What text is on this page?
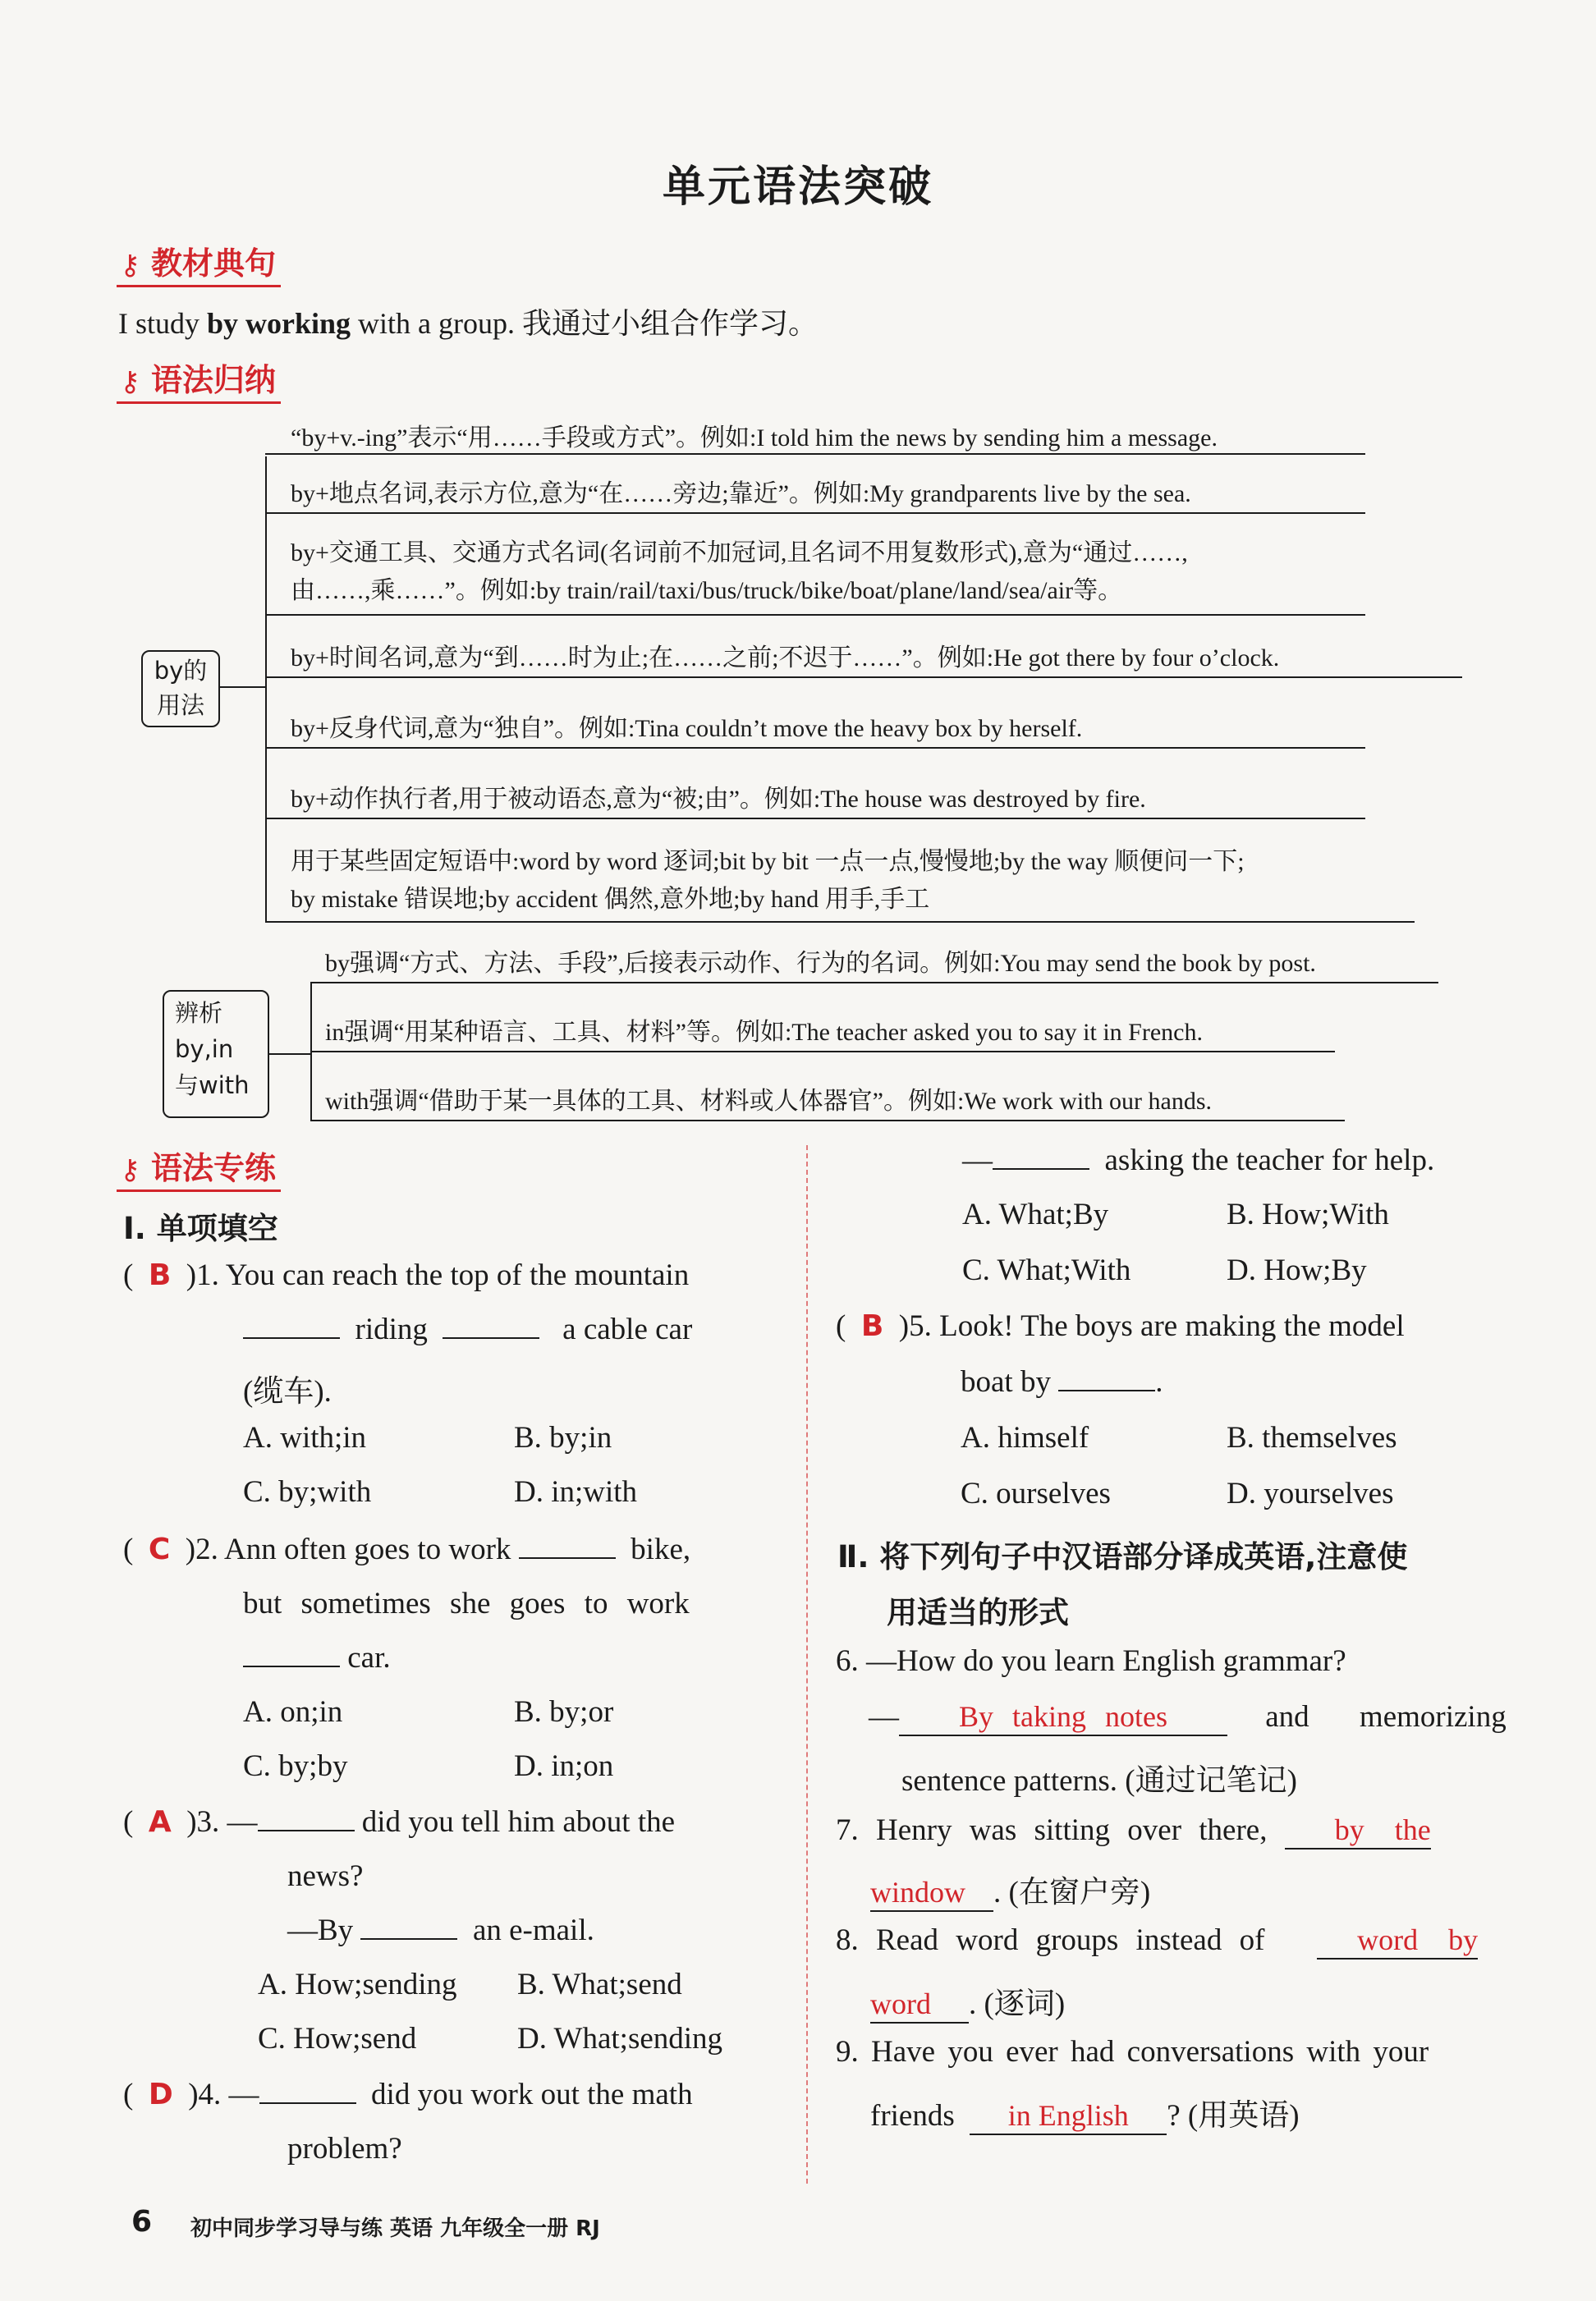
单元语法突破
⚷ 教材典句
I study by working with a group. 我通过小组合作学习。
⚷ 语法归纳
by的用法
“by+v.-ing”表示“用……手段或方式”。例如:I told him the news by sending him a message.
by+地点名词,表示方位,意为“在……旁边;靠近”。例如:My grandparents live by the sea.
by+交通工具、交通方式名词(名词前不加冠词,且名词不用复数形式),意为“通过……,
由……,乘……”。例如:by train/rail/taxi/bus/truck/bike/boat/plane/land/sea/air等。
by+时间名词,意为“到……时为止;在……之前;不迟于……”。例如:He got there by four o’clock.
by+反身代词,意为“独自”。例如:Tina couldn’t move the heavy box by herself.
by+动作执行者,用于被动语态,意为“被;由”。例如:The house was destroyed by fire.
用于某些固定短语中:word by word 逐词;bit by bit 一点一点,慢慢地;by the way 顺便问一下;
by mistake 错误地;by accident 偶然,意外地;by hand 用手,手工
辨析by,in与with
by强调“方式、方法、手段”,后接表示动作、行为的名词。例如:You may send the book by post.
in强调“用某种语言、工具、材料”等。例如:The teacher asked you to say it in French.
with强调“借助于某一具体的工具、材料或人体器官”。例如:We work with our hands.
⚷ 语法专练
Ⅰ. 单项填空
(  B )1. You can reach the top of the mountain
riding	a cable car
(缆车).
A. with;in	B. by;in
C. by;with	D. in;with
(  C )2. Ann often goes to work	bike,
but sometimes she goes to work
car.
A. on;in	B. by;or
C. by;by	D. in;on
(  A )3. —	did you tell him about the
news?
—By	an e-mail.
A. How;sending B. What;send
C. How;send	D. What;sending
(  D )4. —	did you work out the math
problem?
—	asking the teacher for help.
A. What;By	B. How;With
C. What;With	D. How;By
(  B )5. Look! The boys are making the model
boat by	.
A. himself	B. themselves
C. ourselves	D. yourselves
Ⅱ. 将下列句子中汉语部分译成英语,注意使
用适当的形式
6. —How do you learn English grammar?
— By taking notes	and memorizing
sentence patterns. (通过记笔记)
7. Henry was sitting over there, by the
window . (在窗户旁)
8. Read word groups instead of	word by
word . (逐词)
9. Have you ever had conversations with your
friends in English ? (用英语)
6 初中同步学习导与练 英语 九年级全一册 RJ
